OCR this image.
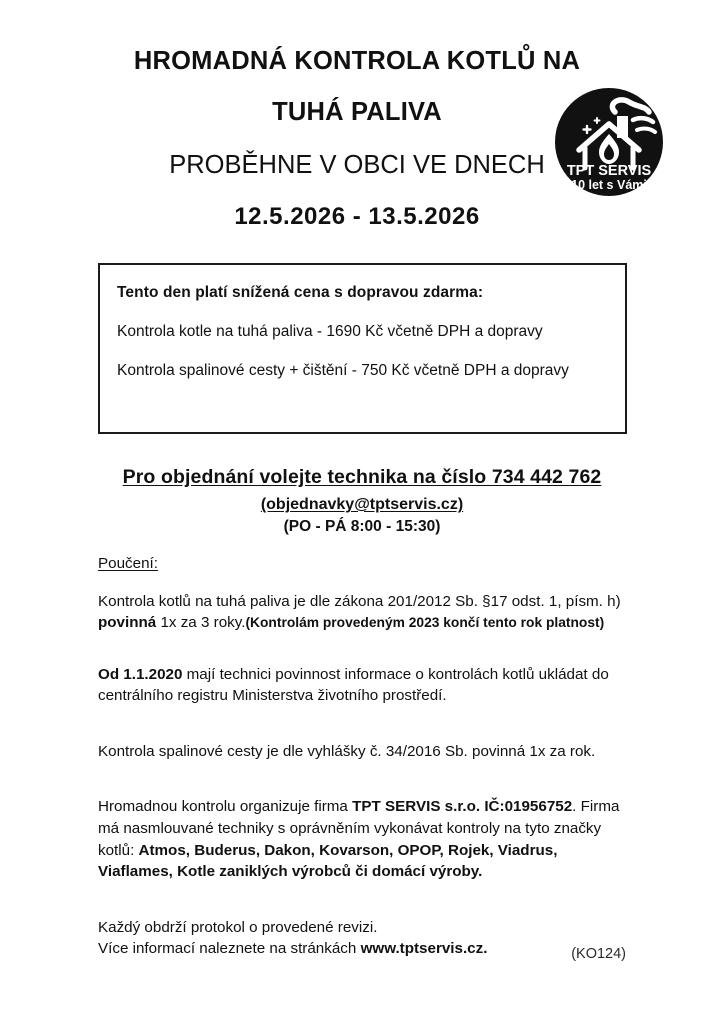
HROMADNÁ KONTROLA KOTLŮ NA
TUHÁ PALIVA
PROBĚHNE V OBCI VE DNECH
12.5.2026 - 13.5.2026
TPT SERVIS
10 let s Vámi
Tento den platí snížená cena s dopravou zdarma:
Kontrola kotle na tuhá paliva - 1690 Kč včetně DPH a dopravy
Kontrola spalinové cesty + čištění - 750 Kč včetně DPH a dopravy
Pro objednání volejte technika na číslo 734 442 762
(objednavky@tptservis.cz)
(PO - PÁ 8:00 - 15:30)
Poučení:
Kontrola kotlů na tuhá paliva je dle zákona 201/2012 Sb. §17 odst. 1, písm. h) povinná 1x za 3 roky.(Kontrolám provedeným 2023 končí tento rok platnost)
Od 1.1.2020 mají technici povinnost informace o kontrolách kotlů ukládat do centrálního registru Ministerstva životního prostředí.
Kontrola spalinové cesty je dle vyhlášky č. 34/2016 Sb. povinná 1x za rok.
Hromadnou kontrolu organizuje firma TPT SERVIS s.r.o. IČ:01956752. Firma má nasmlouvané techniky s oprávněním vykonávat kontroly na tyto značky kotlů: Atmos, Buderus, Dakon, Kovarson, OPOP, Rojek, Viadrus, Viaflames, Kotle zaniklých výrobců či domácí výroby.
Každý obdrží protokol o provedené revizi.
Více informací naleznete na stránkách www.tptservis.cz.	(KO124)
